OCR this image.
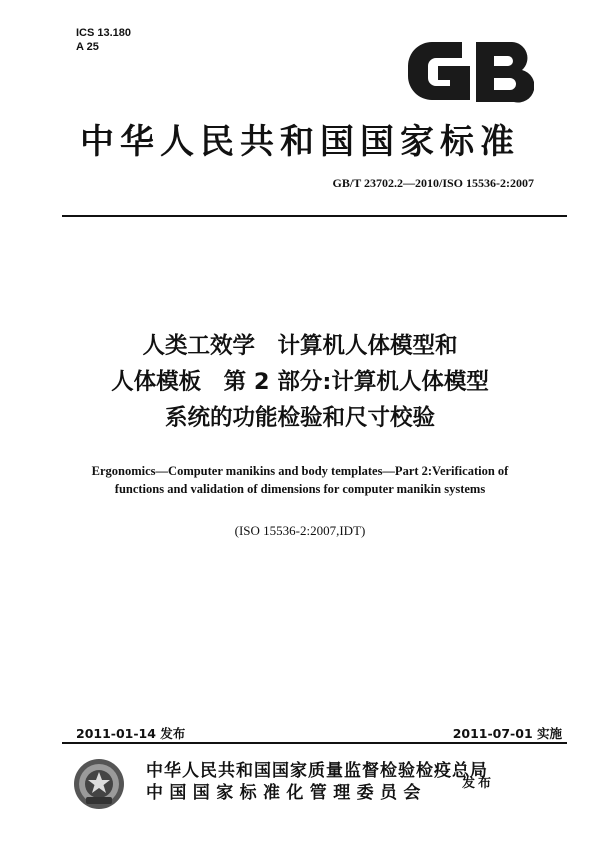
ICS 13.180
A 25
中华人民共和国国家标准
GB/T 23702.2—2010/ISO 15536-2:2007
人类工效学　计算机人体模型和
人体模板　第 2 部分:计算机人体模型
系统的功能检验和尺寸校验
Ergonomics—Computer manikins and body templates—Part 2:Verification of
functions and validation of dimensions for computer manikin systems
(ISO 15536-2:2007,IDT)
2011-01-14 发布	2011-07-01 实施
中华人民共和国国家质量监督检验检疫总局
中国国家标准化管理委员会	发布
